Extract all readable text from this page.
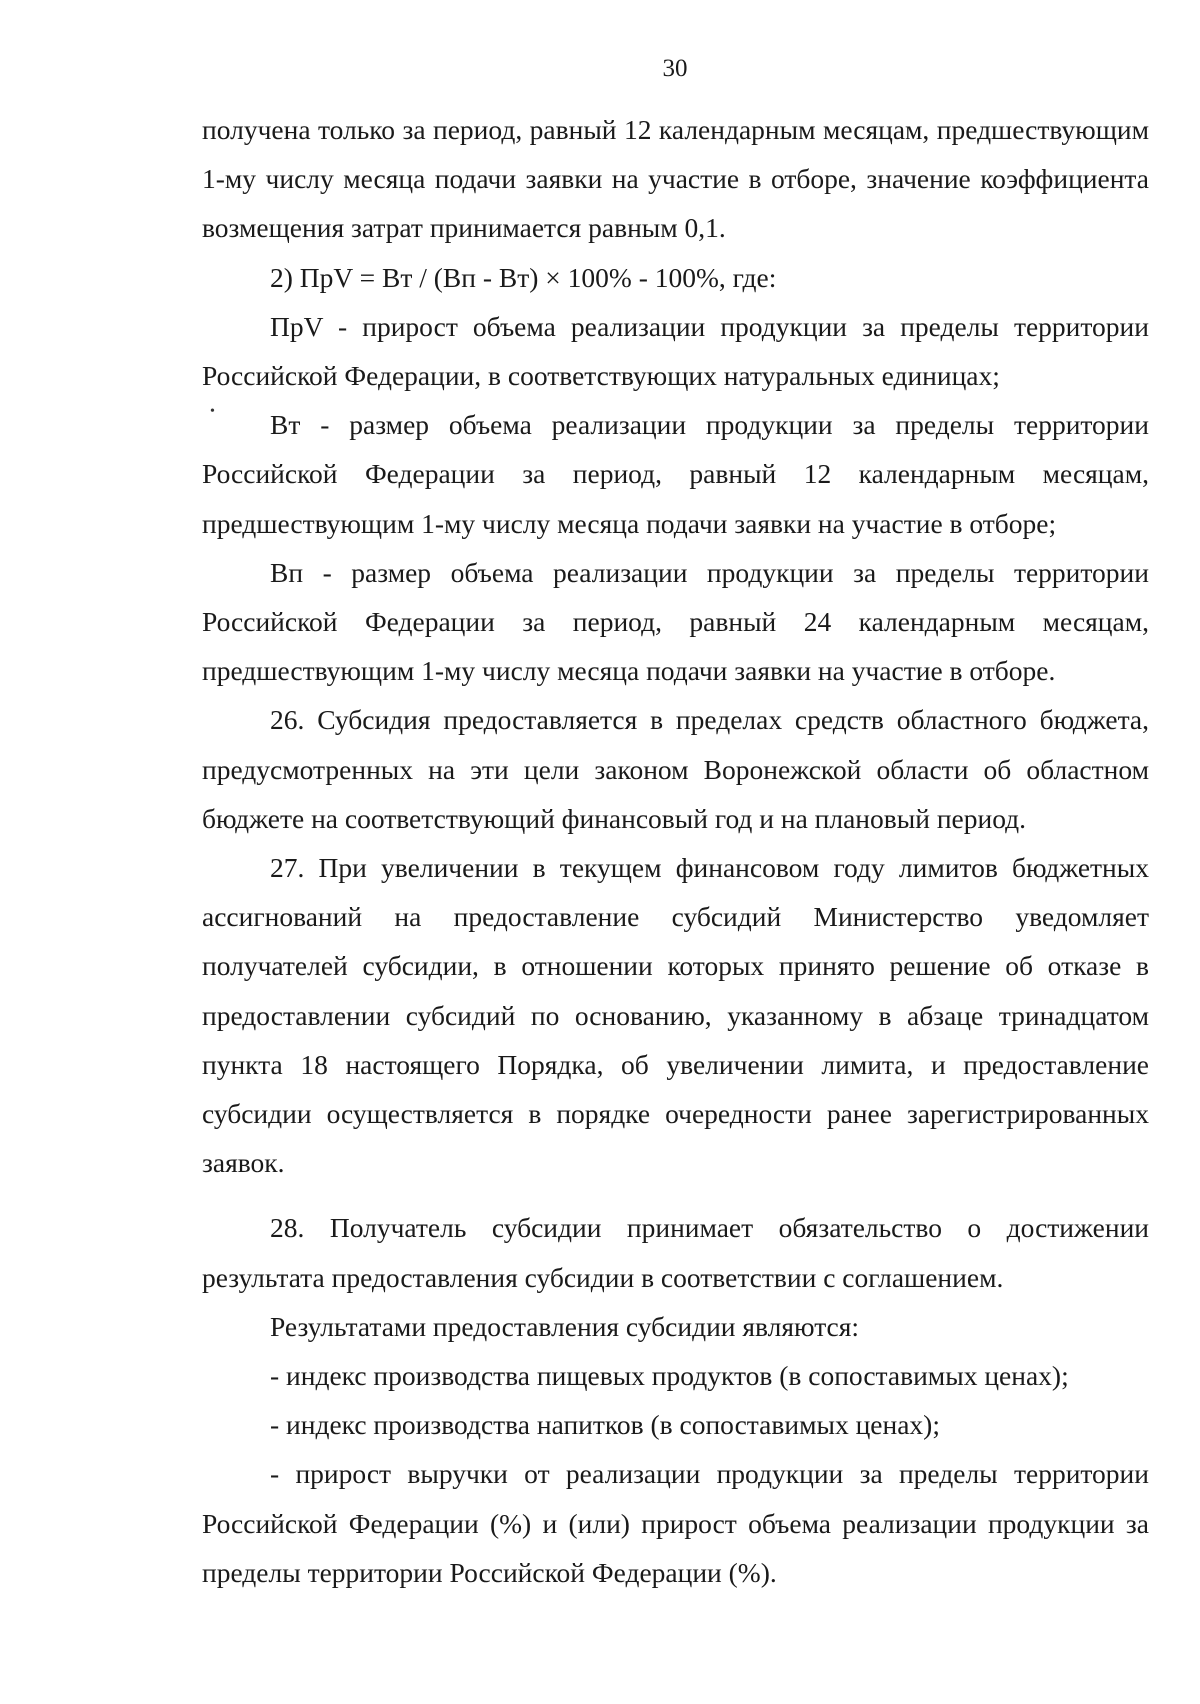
30
•

получена только за период, равный 12 календарным месяцам, предшествующим 1-му числу месяца подачи заявки на участие в отборе, значение коэффициента возмещения затрат принимается равным 0,1.

2) ПрV = Вт / (Вп - Вт) × 100% - 100%, где:

ПрV - прирост объема реализации продукции за пределы территории Российской Федерации, в соответствующих натуральных единицах;

Вт - размер объема реализации продукции за пределы территории Российской Федерации за период, равный 12 календарным месяцам, предшествующим 1-му числу месяца подачи заявки на участие в отборе;

Вп - размер объема реализации продукции за пределы территории Российской Федерации за период, равный 24 календарным месяцам, предшествующим 1-му числу месяца подачи заявки на участие в отборе.

26. Субсидия предоставляется в пределах средств областного бюджета, предусмотренных на эти цели законом Воронежской области об областном бюджете на соответствующий финансовый год и на плановый период.

27. При увеличении в текущем финансовом году лимитов бюджетных ассигнований на предоставление субсидий Министерство уведомляет получателей субсидии, в отношении которых принято решение об отказе в предоставлении субсидий по основанию, указанному в абзаце тринадцатом пункта 18 настоящего Порядка, об увеличении лимита, и предоставление субсидии осуществляется в порядке очередности ранее зарегистрированных заявок.

28. Получатель субсидии принимает обязательство о достижении результата предоставления субсидии в соответствии с соглашением.

Результатами предоставления субсидии являются:

- индекс производства пищевых продуктов (в сопоставимых ценах);

- индекс производства напитков (в сопоставимых ценах);

- прирост выручки от реализации продукции за пределы территории Российской Федерации (%) и (или) прирост объема реализации продукции за пределы территории Российской Федерации (%).
